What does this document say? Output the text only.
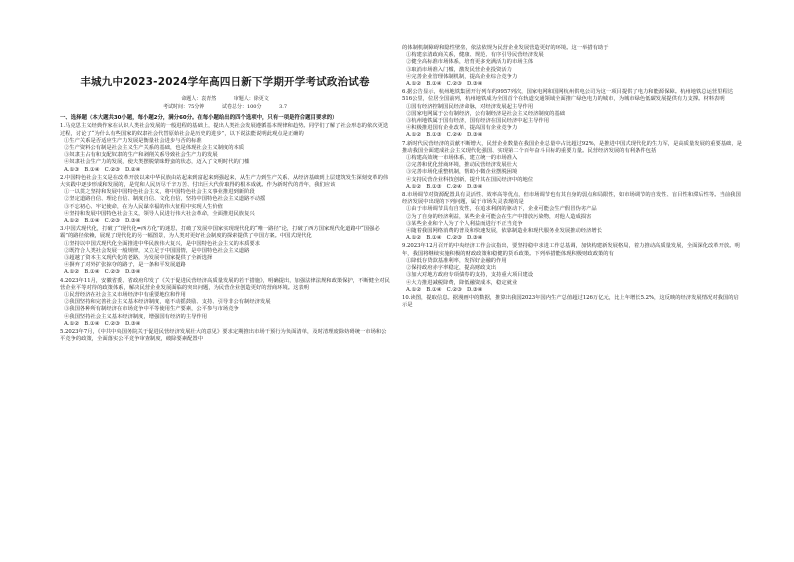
丰城九中2023-2024学年高四日新下学期开学考试政治试卷
命题人：袁青然	审题人：徐更文
考试时间：75分钟	试卷总分：100分	3.7
一、选择题（本大题共30小题，每小题2分，满分60分。在每小题给出的四个选项中，只有一项是符合题目要求的）

1.马克思主义经典作家在认识人类社会发展的一般进程的基础上，提出人类社会发展遵循基本规律和趋势。同学们了解了社会形态的依次更迭过程，讨论了“为什么有些国家的奴隶社会代替原始社会是历史的进步”，以下说法能说明此观点是正确的

①生产关系是否适应生产力发展是衡量社会进步与否的标准

②生产资料公有制是社会主义生产关系的基础，也是体现社会主义制度的本质

③奴隶主占有和支配奴隶的生产和剥削关系导致社会生产力的发展

④奴隶社会生产力的发展，使夫类摆脱蒙昧野蛮的状态，迈入了文明时代的门槛

A.①③　B.①④　C.②③　D.②④

2.中国特色社会主义是在改革开放以来中华民族由站起来到富起来到强起来，从生产力到生产关系、从经济基础到上层建筑发生深刻变革的伟大实践中逐步形成和发展的，是党和人民历尽千辛万苦、付出巨大代价取得的根本成就。作为新时代的青年，我们应该

①一以贯之坚持和发展中国特色社会主义，将中国特色社会主义事业推进到新阶段

②坚定道路自信、理论自信、制度自信、文化自信，坚持中国特色社会主义道路不动摇

③不忘初心、牢记使命，在为人民谋幸福的伟大征程中实现人生价值

④坚持和发展中国特色社会主义，领导人民进行伟大社会革命，全面推进民族复兴

A.①②　B.①④　C.②③　D.③④

3.中国式现代化，打破了“现代化=西方化”的迷思，打破了发展中国家实现现代化的“唯一路径”论，打破了西方国家现代化道路中“国强必霸”的路径依赖，展现了现代化的另一幅图景，为人类对更好社会制度的探索提供了中国方案。中国式现代化

①坚持以中国式现代化全面推进中华民族伟大复兴，是中国特色社会主义的本质要求

②既符合人类社会发展一般规律，又立足于中国国情，是中国特色社会主义道路

③超越了资本主义现代化的老路，为发展中国家提供了全新选择

④摒弃了对外扩张掠夺的路子，是一条和平发展道路

A.①②　B.①④　C.②③　D.③④

4.2023年11月，安徽省委、省政府印发了《关于促进民营经济高质量发展的若干措施》，明确提出，加强法律法规和政策保护，不断健全对民营企业平等对待的政策体系，解决民营企业发展面临的突出问题，为民营企业创造更好的营商环境。这表明

①民营经济在社会主义市场经济中有重要地位和作用

②我国坚持和完善社会主义基本经济制度，毫不动摇鼓励、支持、引导非公有制经济发展

③我国各种所有制经济在市场竞争中平等使用生产要素，公平参与市场竞争

④我国坚持社会主义基本经济制度，增强国有经济的主导作用

A.①②　B.①④　C.②③　D.③④

5.2023年7月，《中共中央国务院关于促进民营经济发展壮大的意见》要求定期推出市场干预行为负面清单，及时清理废除妨碍统一市场和公平竞争的政策，全面落实公平竞争审查制度，破除要素配置中

的体制机制障碍和隐性壁垒，依法依规为民营企业发展营造更好的环境。这一举措有助于

①构建亲清政商关系，健康、规范、有序引导民营经济发展

②健全高标准市场体系，培育更多充满活力的市场主体

③取消市场准入门槛，激发民营企业投资活力

④完善企业管理体制机制，提高企业综合竞争力

A.①②　B.①④　C.②③　D.③④

6.据公告显示，杭州地铁集团开行列车约9957列次，国家电网和国网杭州供电公司为这一项目提供了电力和能源保障。杭州地铁总运营里程达516公里，位居全国前列，杭州地铁成为全国首个在轨道交通领域全面推广绿色电力的城市，为城市绿色低碳发展提供有力支撑。材料表明

①国有经济控制国民经济命脉，对经济发展起主导作用

②国家电网属于公有制经济，公有制经济是社会主义经济制度的基础

③杭州地铁属于国有经济，国有经济在国民经济中起主导作用

④积极推进国有企业改革，提高国有企业竞争力

A.①②　B.①③　C.②④　D.③④

7.新时代民营经济的贡献不断增大，民营企业数量在我国企业总量中占比超过92%，是推进中国式现代化的生力军，是高质量发展的重要基础，是推动我国全面建成社会主义现代化强国、实现第二个百年奋斗目标的重要力量。民营经济发展的有利条件包括

①构建高效统一市场体系，建立统一的市场准入

②完善和优化营商环境，推动民营经济发展壮大

③完善市场化重整机制，帮助小微企业摆脱困境

④支持民营企业科技创新，提升其在国民经济中的地位

A.①②　B.①③　C.②④　D.③④

8.市场调节对资源配置具有灵活性、效率高等优点，但市场调节也有其自身的弱点和局限性，如市场调节的自发性、盲目性和滞后性等。当前我国经济发展中出现的下列问题，属于市场失灵表现的是

①由于市场调节具有自发性，在追求利润的驱动下，企业可能会生产假冒伪劣产品

②为了自身的经济利益，某些企业可能会在生产中排放污染物，对他人造成损害

③某些企业和个人为了个人利益而进行不正当竞争

④随着我国网络消费的普及和快速发展，依靠制造业和现代服务业发展推动经济增长

A.①②　B.①④　C.②③　D.③④

9.2023年12月召开的中央经济工作会议指出，要坚持稳中求进工作总基调，加快构建新发展格局，着力推动高质量发展，全面深化改革开放。明年，我国将继续实施积极的财政政策和稳健的货币政策。下列举措能体现积极财政政策的有

①降低存贷款基准利率，发挥好金融的作用

②保持政府赤字率稳定，提高财政支出

③加大对地方政府专项债券的支持，支持重大项目建设

④大力推进减税降费，降低融资成本，稳定就业

A.①②　B.①④　C.②③　D.③④

10.读图，提取信息。据漫画中的数据，推算出我国2023年国内生产总值超过126万亿元，比上年增长5.2%，这反映的经济发展情况对我国的启示是
